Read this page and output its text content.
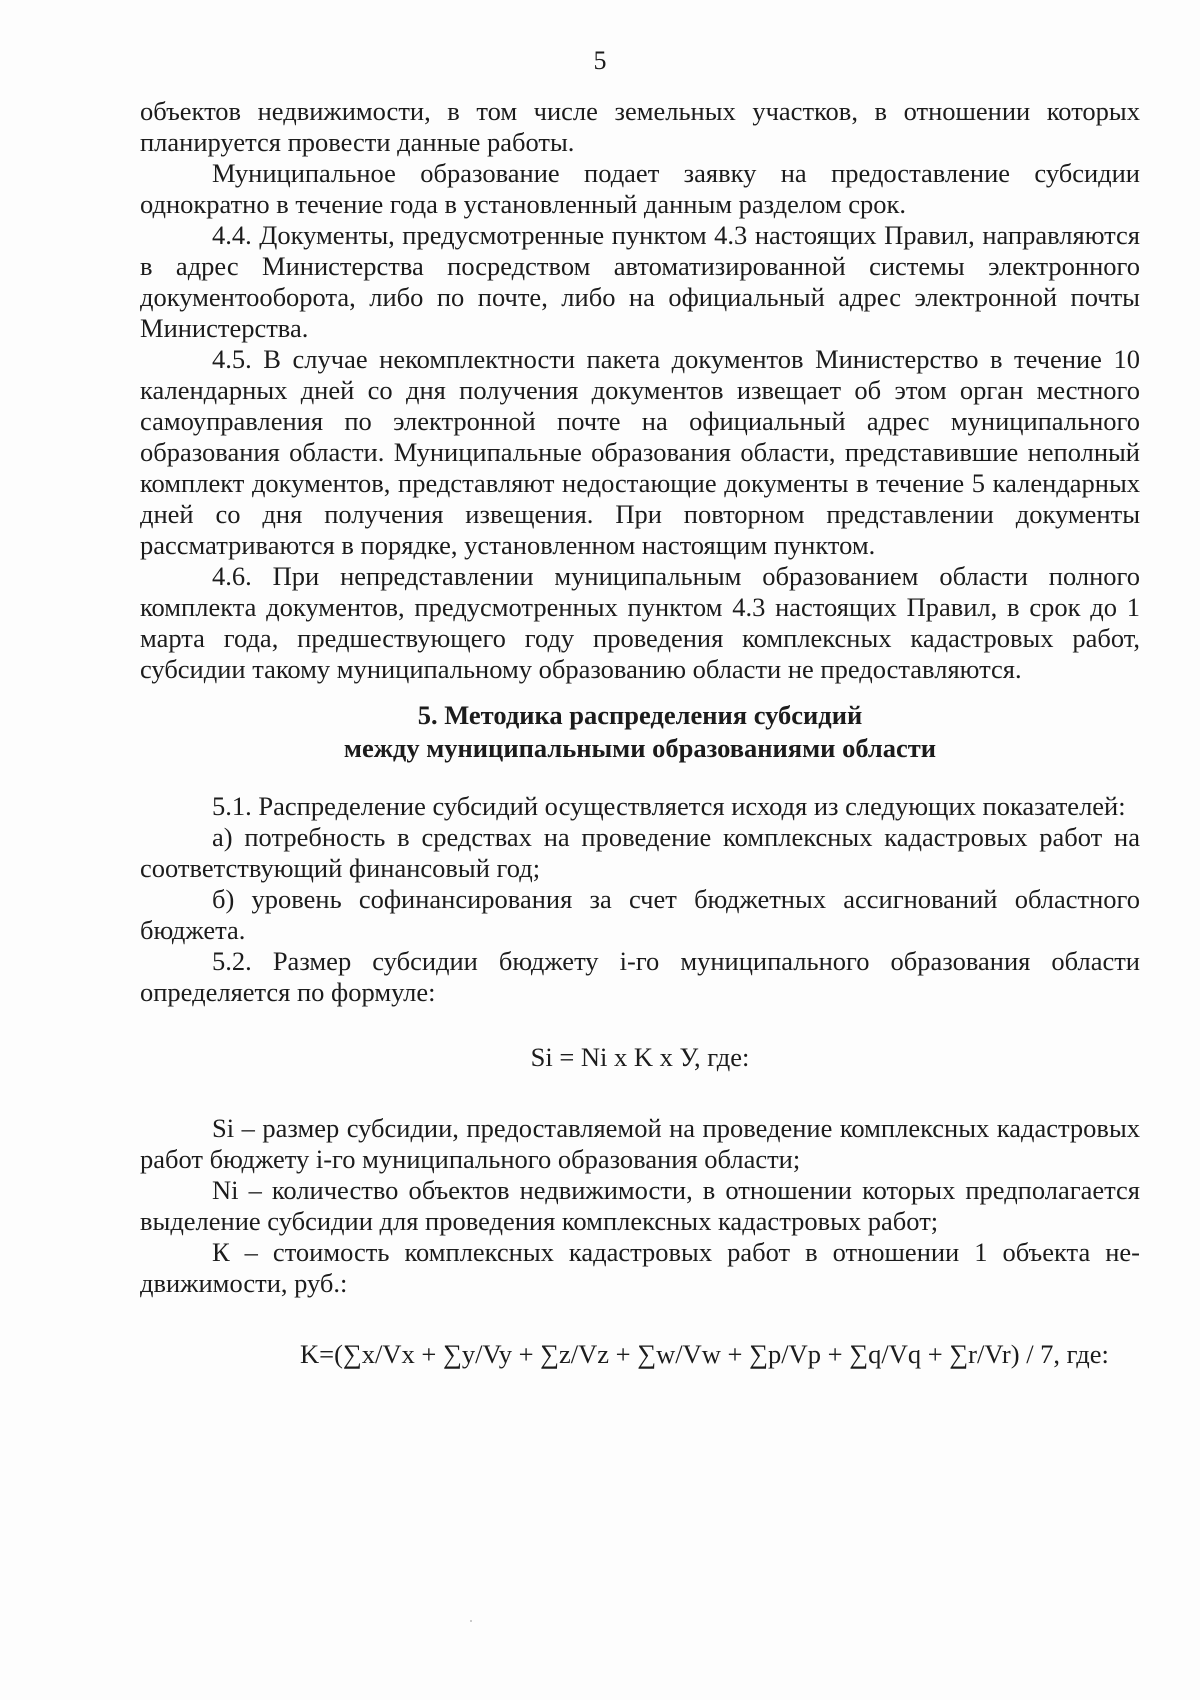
5

объектов недвижимости, в том числе земельных участков, в отношении которых планируется провести данные работы.

Муниципальное образование подает заявку на предоставление субсидии однократно в течение года в установленный данным разделом срок.

4.4. Документы, предусмотренные пунктом 4.3 настоящих Правил, направляются в адрес Министерства посредством автоматизированной системы электронного документооборота, либо по почте, либо на официальный адрес электронной почты Министерства.

4.5. В случае некомплектности пакета документов Министерство в течение 10 календарных дней со дня получения документов извещает об этом орган местного самоуправления по электронной почте на официальный адрес муниципального образования области. Муниципальные образования области, представившие неполный комплект документов, представляют недостающие документы в течение 5 календарных дней со дня получения извещения. При повторном представлении документы рассматриваются в порядке, установленном настоящим пунктом.

4.6. При непредставлении муниципальным образованием области полного комплекта документов, предусмотренных пунктом 4.3 настоящих Правил, в срок до 1 марта года, предшествующего году проведения комплексных кадастровых работ, субсидии такому муниципальному образованию области не предоставляются.

5. Методика распределения субсидий
между муниципальными образованиями области

5.1. Распределение субсидий осуществляется исходя из следующих показателей:

а) потребность в средствах на проведение комплексных кадастровых работ на соответствующий финансовый год;

б) уровень софинансирования за счет бюджетных ассигнований областного бюджета.

5.2. Размер субсидии бюджету i-го муниципального образования области определяется по формуле:

Si = Ni x K x У, где:

Si – размер субсидии, предоставляемой на проведение комплексных кадастровых работ бюджету i-го муниципального образования области;

Ni – количество объектов недвижимости, в отношении которых предполагается выделение субсидии для проведения комплексных кадастровых работ;

К – стоимость комплексных кадастровых работ в отношении 1 объекта недвижимости, руб.:

K=(∑x/Vx + ∑y/Vy + ∑z/Vz + ∑w/Vw + ∑p/Vp + ∑q/Vq + ∑r/Vr) / 7, где:
